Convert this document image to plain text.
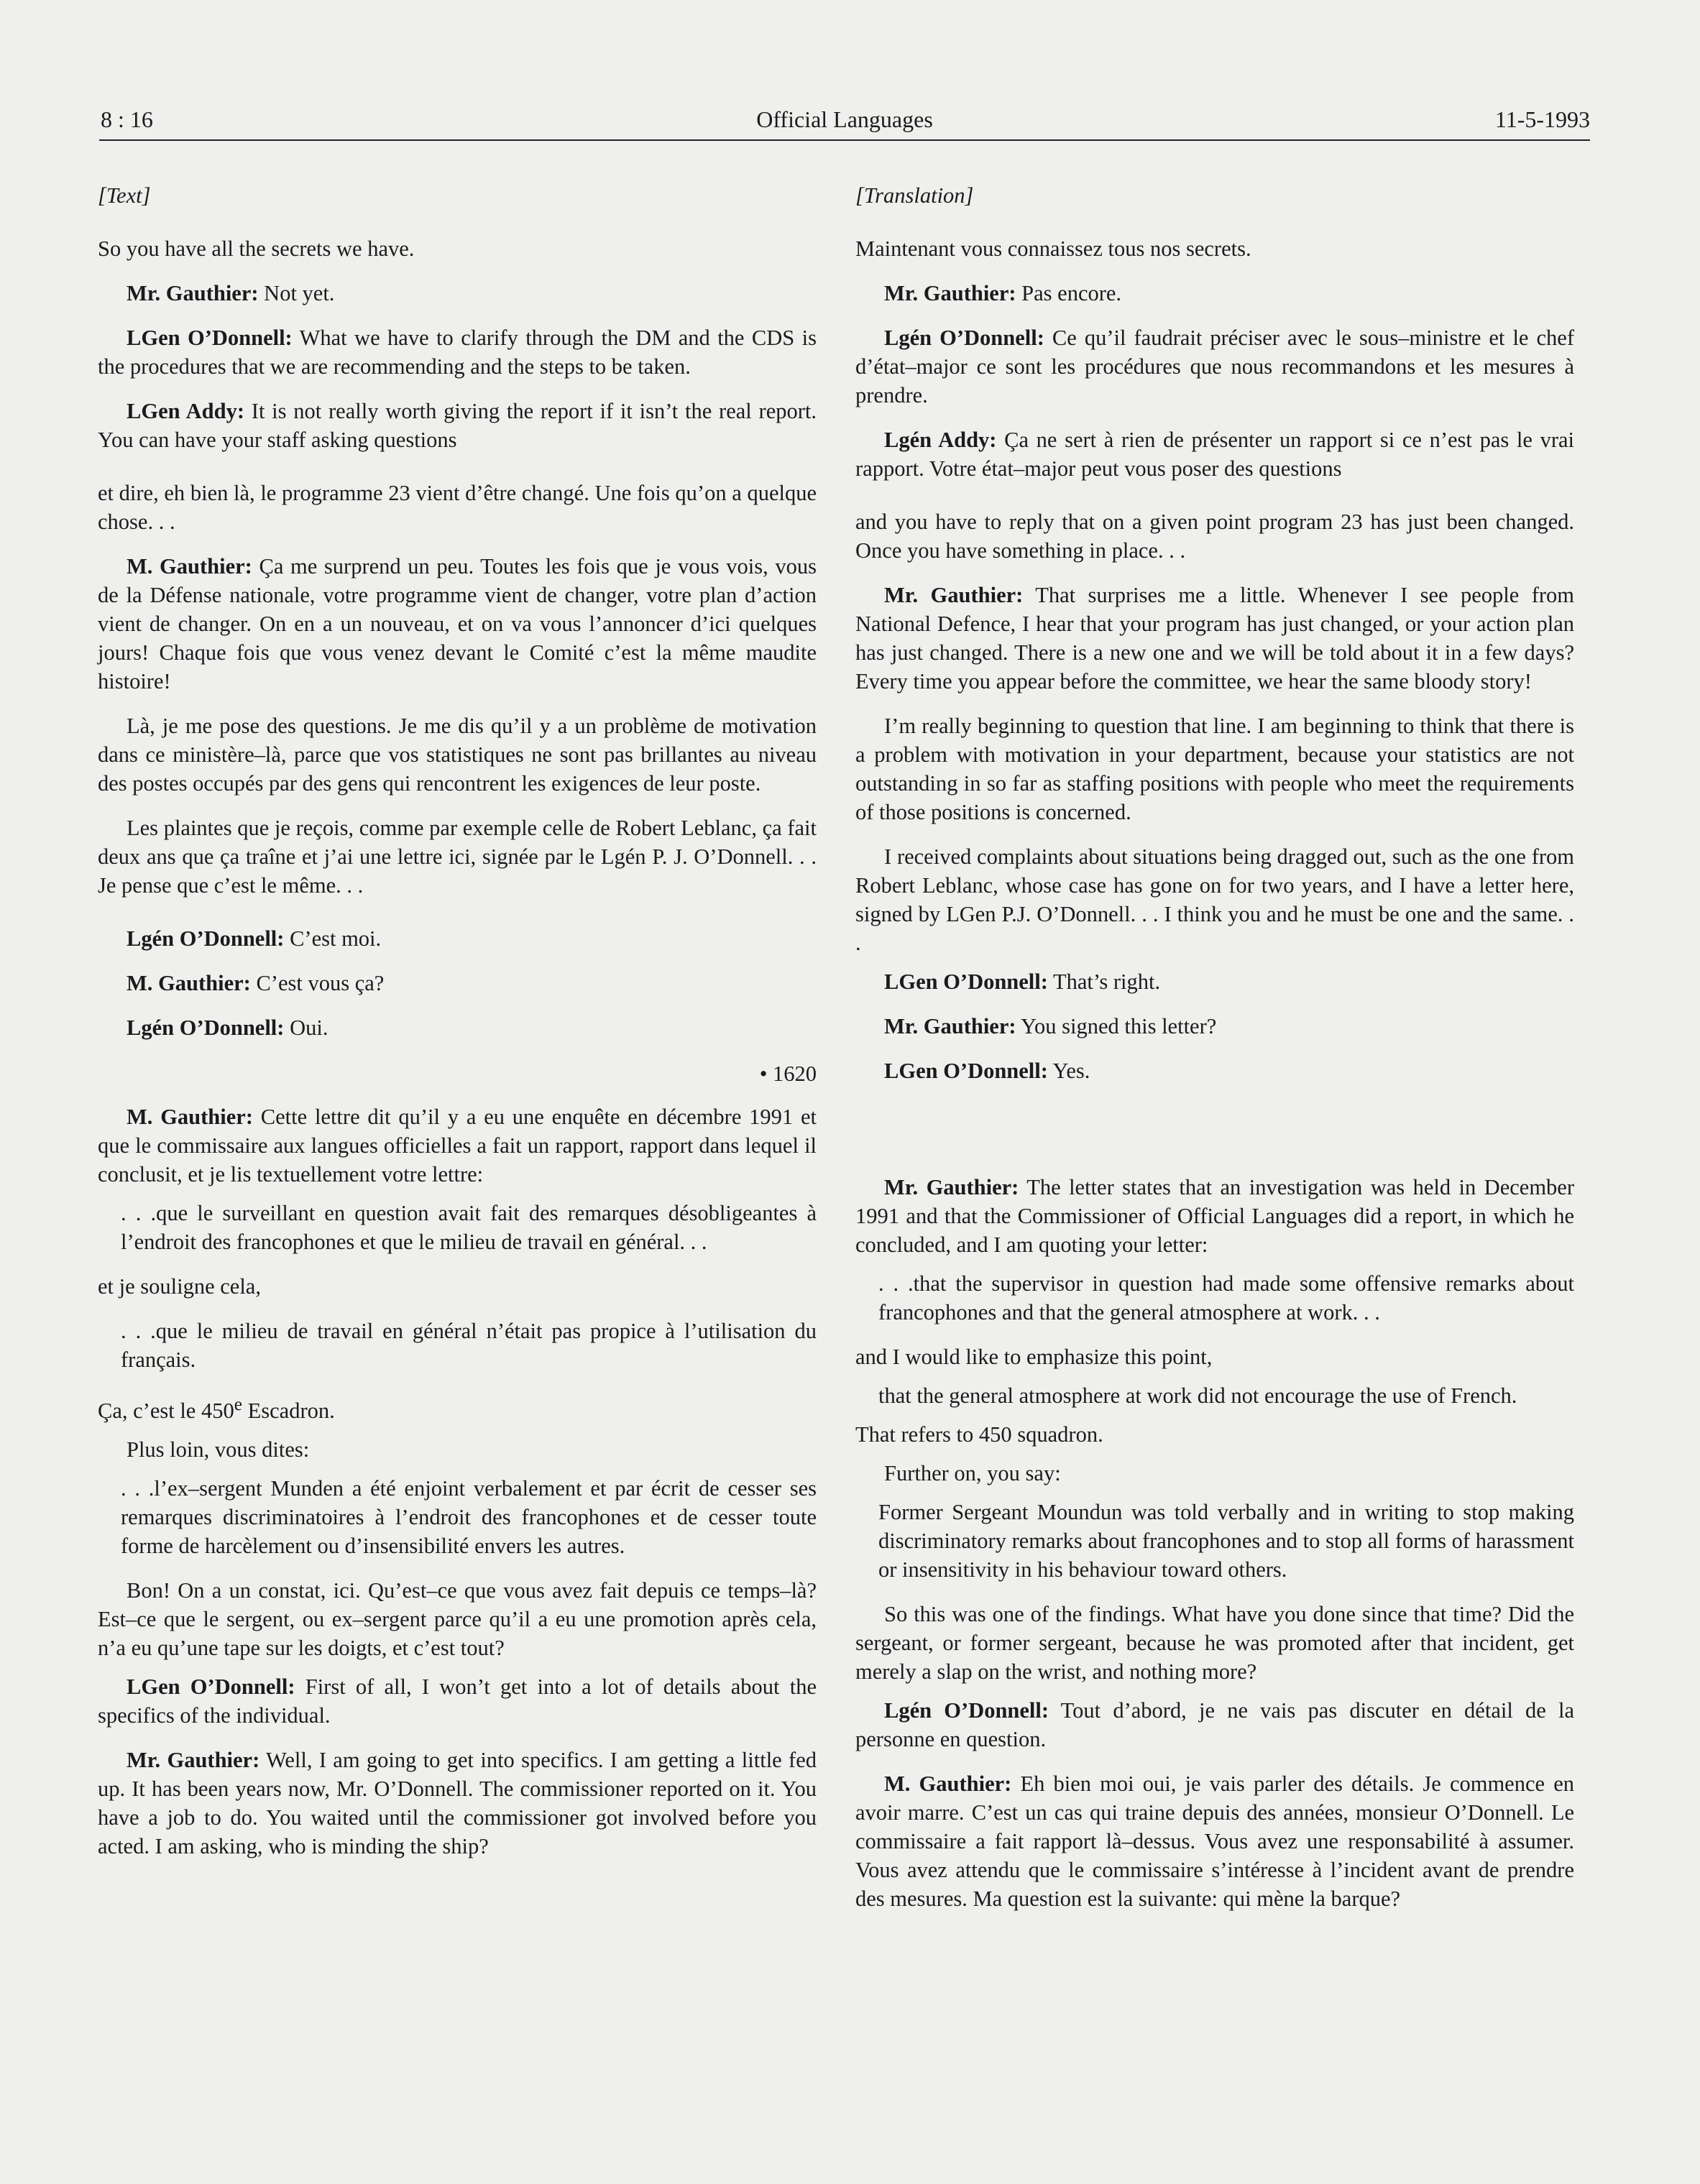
8 : 16	Official Languages	11-5-1993

[Text]

So you have all the secrets we have.

Mr. Gauthier: Not yet.

LGen O’Donnell: What we have to clarify through the DM and the CDS is the procedures that we are recommending and the steps to be taken.

LGen Addy: It is not really worth giving the report if it isn’t the real report. You can have your staff asking questions

et dire, eh bien là, le programme 23 vient d’être changé. Une fois qu’on a quelque chose. . .

M. Gauthier: Ça me surprend un peu. Toutes les fois que je vous vois, vous de la Défense nationale, votre programme vient de changer, votre plan d’action vient de changer. On en a un nouveau, et on va vous l’annoncer d’ici quelques jours! Chaque fois que vous venez devant le Comité c’est la même maudite histoire!

Là, je me pose des questions. Je me dis qu’il y a un problème de motivation dans ce ministère–là, parce que vos statistiques ne sont pas brillantes au niveau des postes occupés par des gens qui rencontrent les exigences de leur poste.

Les plaintes que je reçois, comme par exemple celle de Robert Leblanc, ça fait deux ans que ça traîne et j’ai une lettre ici, signée par le Lgén P. J. O’Donnell. . . Je pense que c’est le même. . .

Lgén O’Donnell: C’est moi.

M. Gauthier: C’est vous ça?

Lgén O’Donnell: Oui.

• 1620

M. Gauthier: Cette lettre dit qu’il y a eu une enquête en décembre 1991 et que le commissaire aux langues officielles a fait un rapport, rapport dans lequel il conclusit, et je lis textuellement votre lettre:

. . .que le surveillant en question avait fait des remarques désobligeantes à l’endroit des francophones et que le milieu de travail en général. . .

et je souligne cela,

. . .que le milieu de travail en général n’était pas propice à l’utilisation du français.

Ça, c’est le 450e Escadron.

Plus loin, vous dites:

. . .l’ex–sergent Munden a été enjoint verbalement et par écrit de cesser ses remarques discriminatoires à l’endroit des francophones et de cesser toute forme de harcèlement ou d’insensibilité envers les autres.

Bon! On a un constat, ici. Qu’est–ce que vous avez fait depuis ce temps–là? Est–ce que le sergent, ou ex–sergent parce qu’il a eu une promotion après cela, n’a eu qu’une tape sur les doigts, et c’est tout?

LGen O’Donnell: First of all, I won’t get into a lot of details about the specifics of the individual.

Mr. Gauthier: Well, I am going to get into specifics. I am getting a little fed up. It has been years now, Mr. O’Donnell. The commissioner reported on it. You have a job to do. You waited until the commissioner got involved before you acted. I am asking, who is minding the ship?

[Translation]

Maintenant vous connaissez tous nos secrets.

Mr. Gauthier: Pas encore.

Lgén O’Donnell: Ce qu’il faudrait préciser avec le sous–ministre et le chef d’état–major ce sont les procédures que nous recommandons et les mesures à prendre.

Lgén Addy: Ça ne sert à rien de présenter un rapport si ce n’est pas le vrai rapport. Votre état–major peut vous poser des questions

and you have to reply that on a given point program 23 has just been changed. Once you have something in place. . .

Mr. Gauthier: That surprises me a little. Whenever I see people from National Defence, I hear that your program has just changed, or your action plan has just changed. There is a new one and we will be told about it in a few days? Every time you appear before the committee, we hear the same bloody story!

I’m really beginning to question that line. I am beginning to think that there is a problem with motivation in your department, because your statistics are not outstanding in so far as staffing positions with people who meet the requirements of those positions is concerned.

I received complaints about situations being dragged out, such as the one from Robert Leblanc, whose case has gone on for two years, and I have a letter here, signed by LGen P.J. O’Donnell. . . I think you and he must be one and the same. . .

LGen O’Donnell: That’s right.

Mr. Gauthier: You signed this letter?

LGen O’Donnell: Yes.

Mr. Gauthier: The letter states that an investigation was held in December 1991 and that the Commissioner of Official Languages did a report, in which he concluded, and I am quoting your letter:

. . .that the supervisor in question had made some offensive remarks about francophones and that the general atmosphere at work. . .

and I would like to emphasize this point,

that the general atmosphere at work did not encourage the use of French.

That refers to 450 squadron.

Further on, you say:

Former Sergeant Moundun was told verbally and in writing to stop making discriminatory remarks about francophones and to stop all forms of harassment or insensitivity in his behaviour toward others.

So this was one of the findings. What have you done since that time? Did the sergeant, or former sergeant, because he was promoted after that incident, get merely a slap on the wrist, and nothing more?

Lgén O’Donnell: Tout d’abord, je ne vais pas discuter en détail de la personne en question.

M. Gauthier: Eh bien moi oui, je vais parler des détails. Je commence en avoir marre. C’est un cas qui traine depuis des années, monsieur O’Donnell. Le commissaire a fait rapport là–dessus. Vous avez une responsabilité à assumer. Vous avez attendu que le commissaire s’intéresse à l’incident avant de prendre des mesures. Ma question est la suivante: qui mène la barque?
